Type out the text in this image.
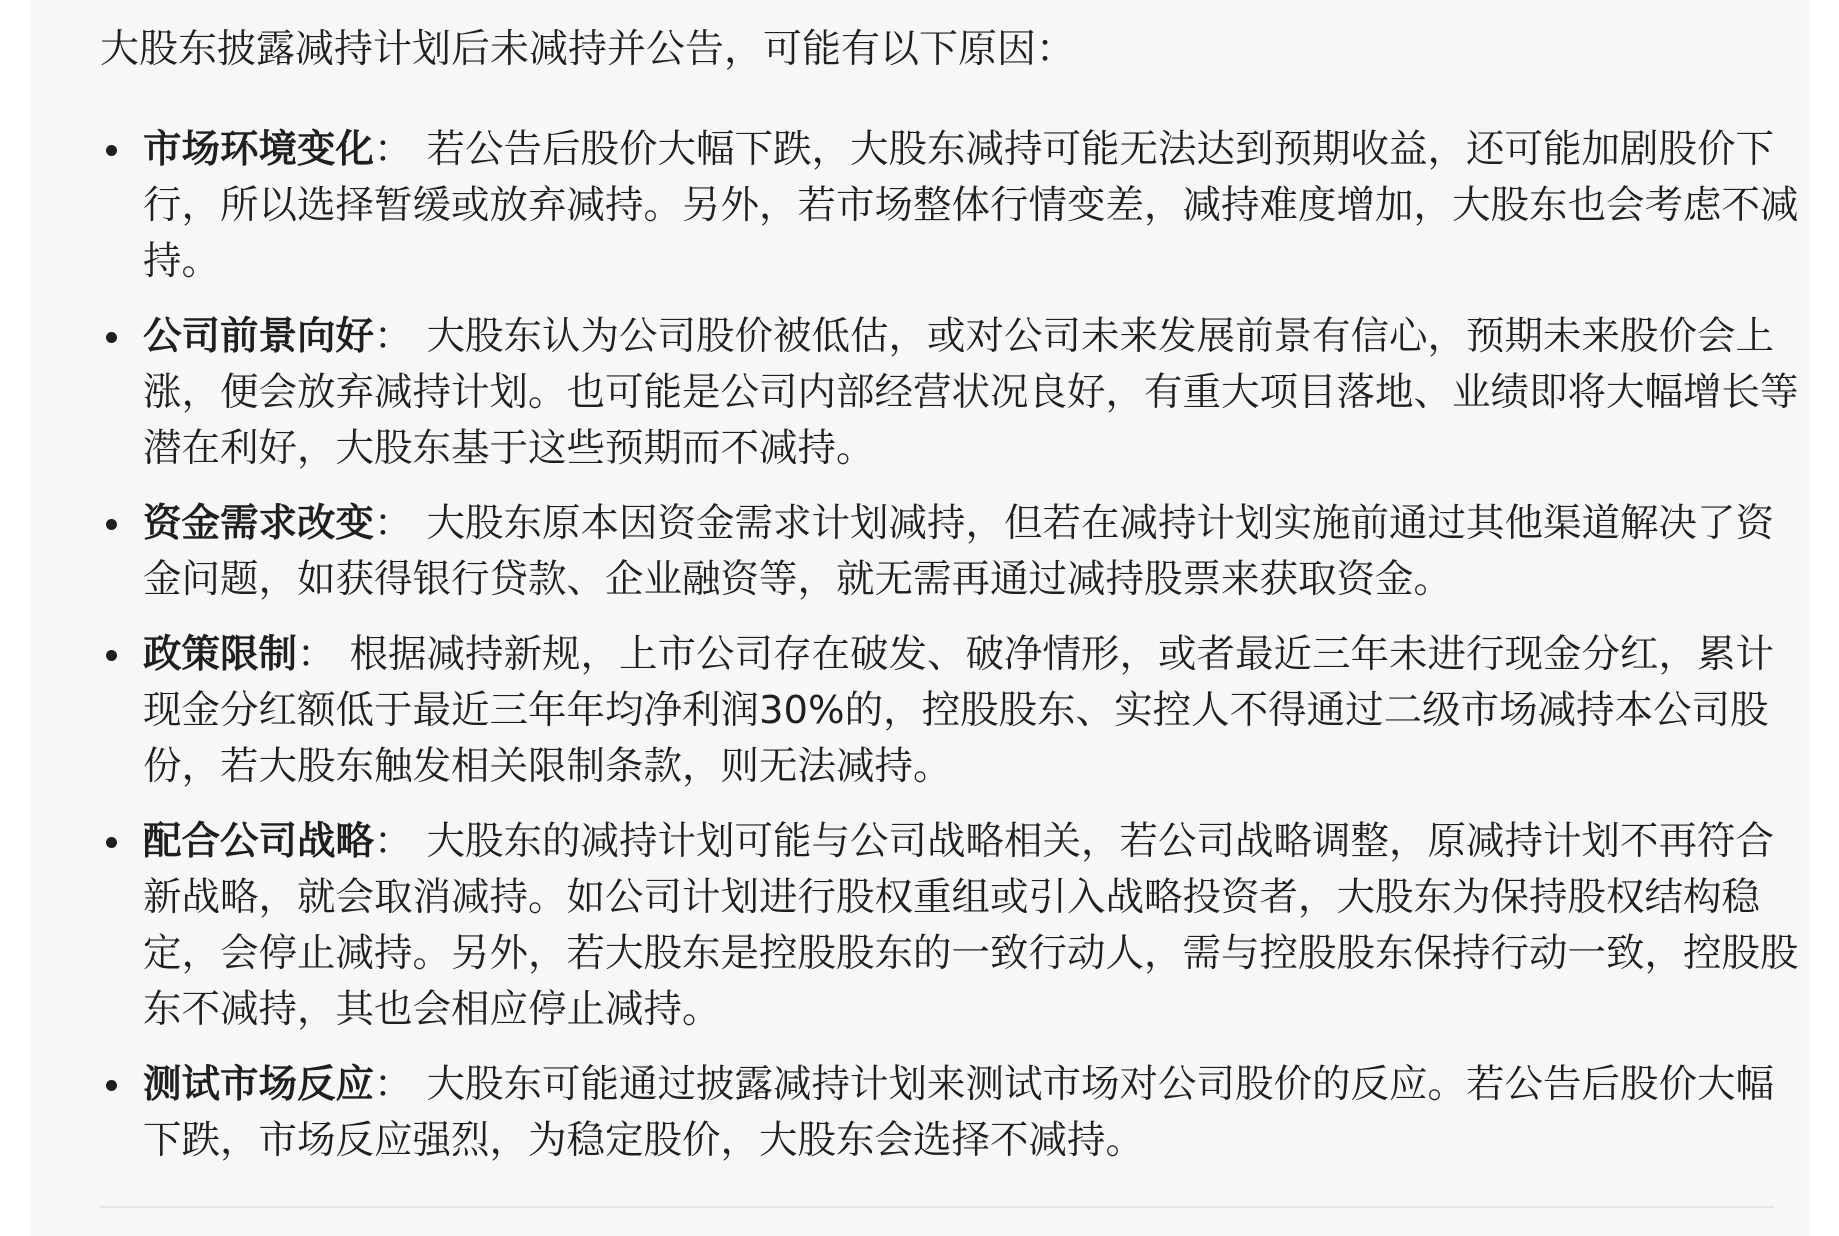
大股东披露减持计划后未减持并公告，可能有以下原因：

市场环境变化： 若公告后股价大幅下跌，大股东减持可能无法达到预期收益，还可能加剧股价下行，所以选择暂缓或放弃减持。另外，若市场整体行情变差，减持难度增加，大股东也会考虑不减持。
公司前景向好： 大股东认为公司股价被低估，或对公司未来发展前景有信心，预期未来股价会上涨，便会放弃减持计划。也可能是公司内部经营状况良好，有重大项目落地、业绩即将大幅增长等潜在利好，大股东基于这些预期而不减持。
资金需求改变： 大股东原本因资金需求计划减持，但若在减持计划实施前通过其他渠道解决了资金问题，如获得银行贷款、企业融资等，就无需再通过减持股票来获取资金。
政策限制： 根据减持新规，上市公司存在破发、破净情形，或者最近三年未进行现金分红，累计现金分红额低于最近三年年均净利润30%的，控股股东、实控人不得通过二级市场减持本公司股份，若大股东触发相关限制条款，则无法减持。
配合公司战略： 大股东的减持计划可能与公司战略相关，若公司战略调整，原减持计划不再符合新战略，就会取消减持。如公司计划进行股权重组或引入战略投资者，大股东为保持股权结构稳定，会停止减持。另外，若大股东是控股股东的一致行动人，需与控股股东保持行动一致，控股股东不减持，其也会相应停止减持。
测试市场反应： 大股东可能通过披露减持计划来测试市场对公司股价的反应。若公告后股价大幅下跌，市场反应强烈，为稳定股价，大股东会选择不减持。
